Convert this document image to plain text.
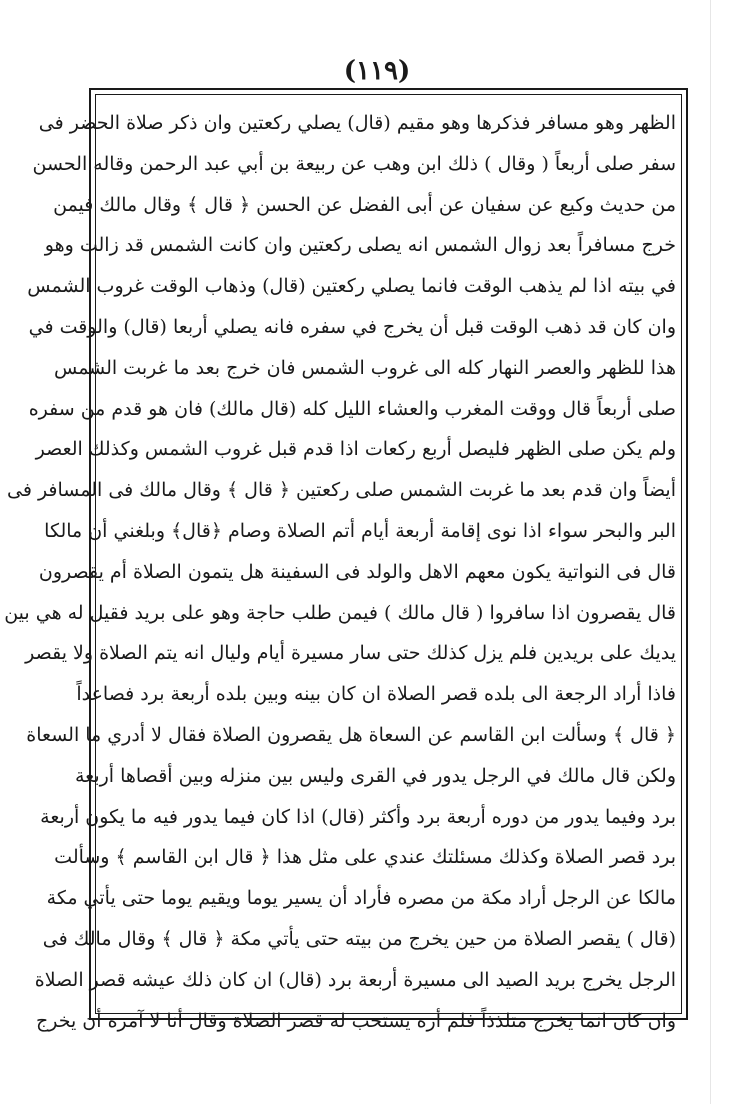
(١١٩)
الظهر وهو مسافر فذكرها وهو مقيم (قال) يصلي ركعتين وان ذكر صلاة الحضر فى
سفر صلى أربعاً ( وقال ) ذلك ابن وهب عن ربيعة بن أبي عبد الرحمن وقاله الحسن
من حديث وكيع عن سفيان عن أبى الفضل عن الحسن ﴿ قال ﴾ وقال مالك فيمن
خرج مسافراً بعد زوال الشمس انه يصلى ركعتين وان كانت الشمس قد زالت وهو
في بيته اذا لم يذهب الوقت فانما يصلي ركعتين (قال) وذهاب الوقت غروب الشمس
وان كان قد ذهب الوقت قبل أن يخرج في سفره فانه يصلي أربعا (قال) والوقت في
هذا للظهر والعصر النهار كله الى غروب الشمس فان خرج بعد ما غربت الشمس
صلى أربعاً قال ووقت المغرب والعشاء الليل كله (قال مالك) فان هو قدم من سفره
ولم يكن صلى الظهر فليصل أربع ركعات اذا قدم قبل غروب الشمس وكذلك العصر
أيضاً وان قدم بعد ما غربت الشمس صلى ركعتين ﴿ قال ﴾ وقال مالك فى المسافر فى
البر والبحر سواء اذا نوى إقامة أربعة أيام أتم الصلاة وصام ﴿قال﴾ وبلغني أن مالكا
قال فى النواتية يكون معهم الاهل والولد فى السفينة هل يتمون الصلاة أم يقصرون
قال يقصرون اذا سافروا ( قال مالك ) فيمن طلب حاجة وهو على بريد فقيل له هي بين
يديك على بريدين فلم يزل كذلك حتى سار مسيرة أيام وليال انه يتم الصلاة ولا يقصر
فاذا أراد الرجعة الى بلده قصر الصلاة ان كان بينه وبين بلده أربعة برد فصاعداً
﴿ قال ﴾ وسألت ابن القاسم عن السعاة هل يقصرون الصلاة فقال لا أدري ما السعاة
ولكن قال مالك في الرجل يدور في القرى وليس بين منزله وبين أقصاها أربعة
برد وفيما يدور من دوره أربعة برد وأكثر (قال) اذا كان فيما يدور فيه ما يكون أربعة
برد قصر الصلاة وكذلك مسئلتك عندي على مثل هذا ﴿ قال ابن القاسم ﴾ وسألت
مالكا عن الرجل أراد مكة من مصره فأراد أن يسير يوما ويقيم يوما حتى يأتي مكة
(قال ) يقصر الصلاة من حين يخرج من بيته حتى يأتي مكة ﴿ قال ﴾ وقال مالك فى
الرجل يخرج بريد الصيد الى مسيرة أربعة برد (قال) ان كان ذلك عيشه قصر الصلاة
وان كان انما يخرج متلذذاً فلم أره يستحب له قصر الصلاة وقال أنا لا آمره أن يخرج
